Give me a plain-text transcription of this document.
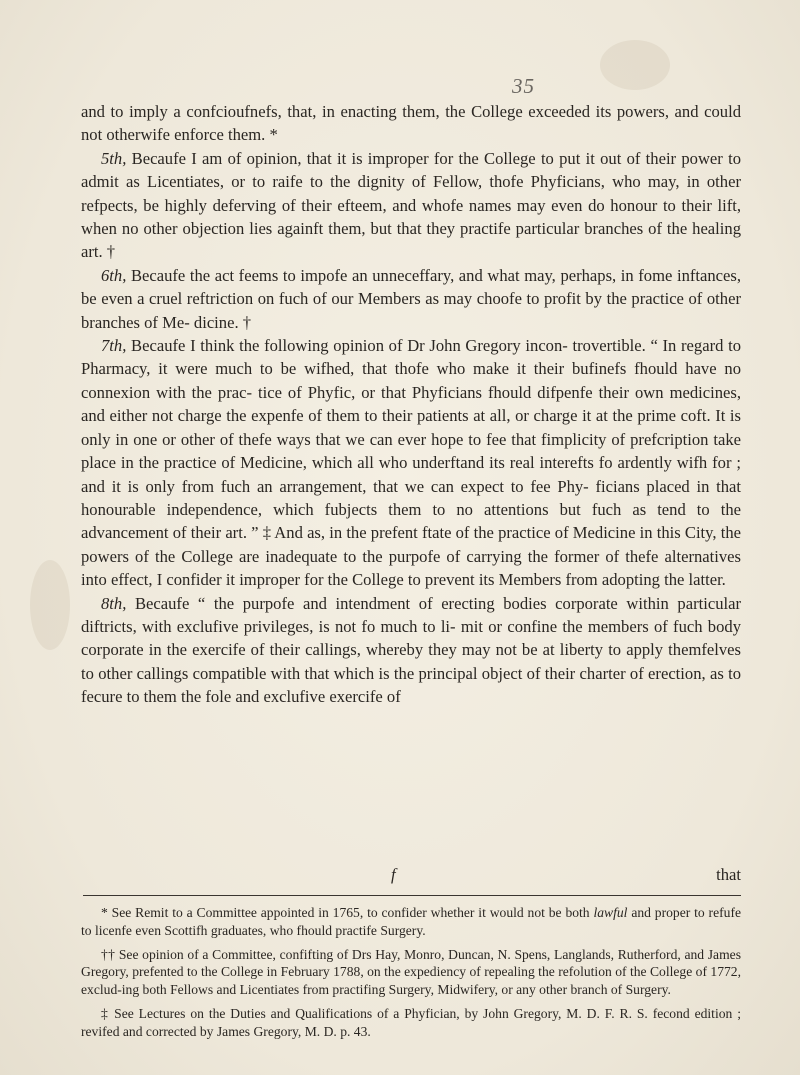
35

and to imply a confcioufnefs, that, in enacting them, the College exceeded its powers, and could not otherwife enforce them. *

5th, Becaufe I am of opinion, that it is improper for the College to put it out of their power to admit as Licentiates, or to raife to the dignity of Fellow, thofe Phyficians, who may, in other refpects, be highly deferving of their efteem, and whofe names may even do honour to their lift, when no other objection lies againft them, but that they practife particular branches of the healing art. †

6th, Becaufe the act feems to impofe an unneceffary, and what may, perhaps, in fome inftances, be even a cruel reftriction on fuch of our Members as may choofe to profit by the practice of other branches of Me- dicine. †

7th, Becaufe I think the following opinion of Dr John Gregory incon- trovertible. “ In regard to Pharmacy, it were much to be wifhed, that thofe who make it their bufinefs fhould have no connexion with the prac- tice of Phyfic, or that Phyficians fhould difpenfe their own medicines, and either not charge the expenfe of them to their patients at all, or charge it at the prime coft. It is only in one or other of thefe ways that we can ever hope to fee that fimplicity of prefcription take place in the practice of Medicine, which all who underftand its real interefts fo ardently wifh for ; and it is only from fuch an arrangement, that we can expect to fee Phy- ficians placed in that honourable independence, which fubjects them to no attentions but fuch as tend to the advancement of their art. ” ‡ And as, in the prefent ftate of the practice of Medicine in this City, the powers of the College are inadequate to the purpofe of carrying the former of thefe alternatives into effect, I confider it improper for the College to prevent its Members from adopting the latter.

8th, Becaufe “ the purpofe and intendment of erecting bodies corporate within particular diftricts, with exclufive privileges, is not fo much to li- mit or confine the members of fuch body corporate in the exercife of their callings, whereby they may not be at liberty to apply themfelves to other callings compatible with that which is the principal object of their charter of erection, as to fecure to them the fole and exclufive exercife of

f	that

* See Remit to a Committee appointed in 1765, to confider whether it would not be both lawful and proper to refufe to licenfe even Scottifh graduates, who fhould practife Surgery.

†† See opinion of a Committee, confifting of Drs Hay, Monro, Duncan, N. Spens, Langlands, Rutherford, and James Gregory, prefented to the College in February 1788, on the expediency of repealing the refolution of the College of 1772, exclud-ing both Fellows and Licentiates from practifing Surgery, Midwifery, or any other branch of Surgery.

‡ See Lectures on the Duties and Qualifications of a Phyfician, by John Gregory, M. D. F. R. S. fecond edition ; revifed and corrected by James Gregory, M. D. p. 43.
